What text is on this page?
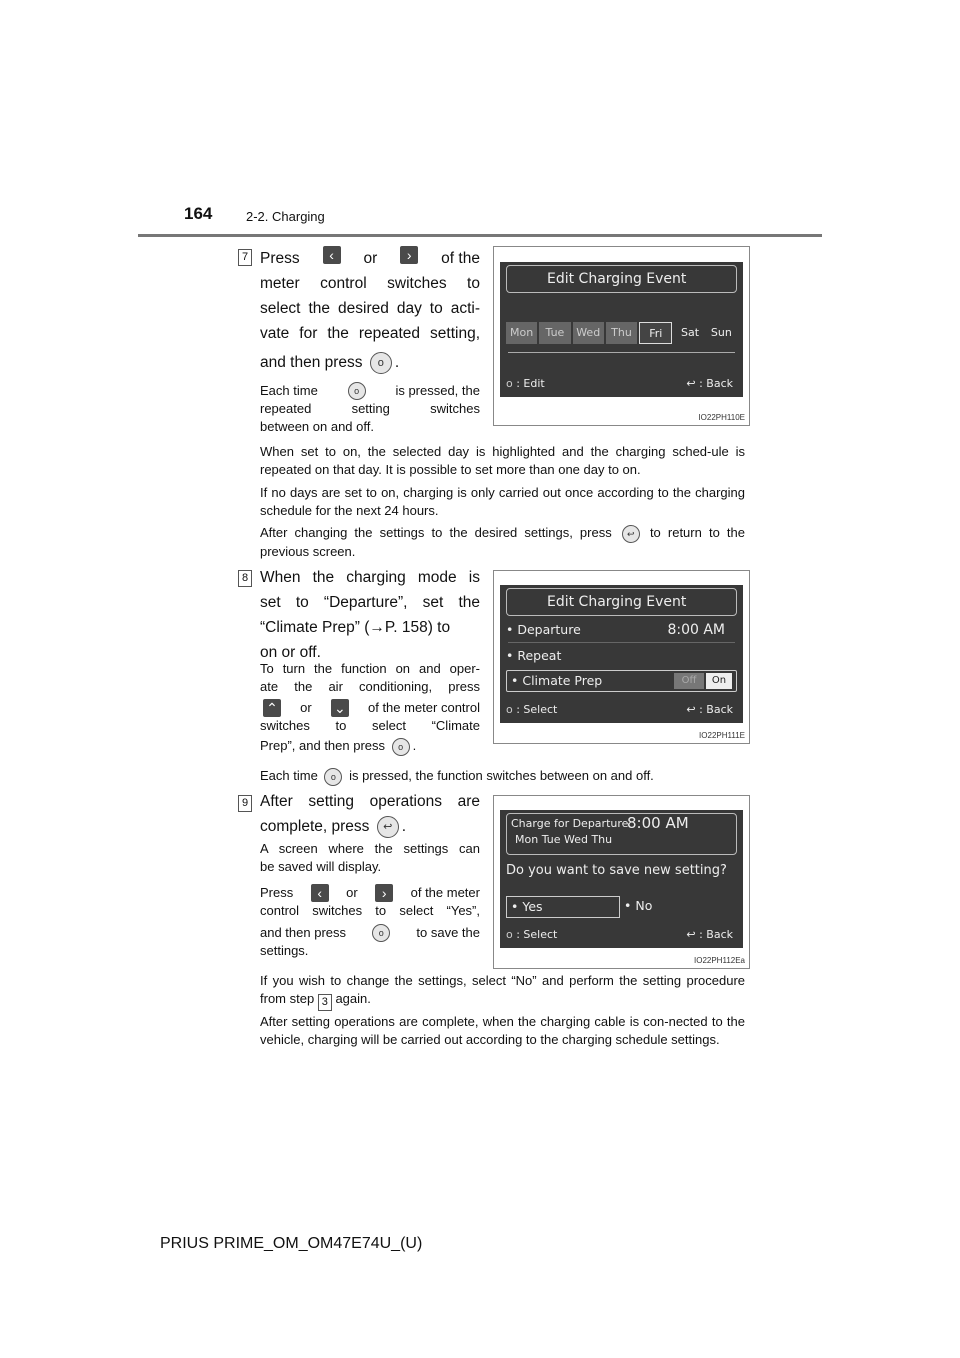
164	2-2. Charging
7 Press	‹	or	›	of the
meter control switches to
select the desired day to acti-
vate for the repeated setting,
and then press o .
Each time	o	is pressed, the
repeated setting switches
between on and off.
Edit Charging Event
Mon	Tue	Wed Thu	Fri	Sat	Sun
o : Edit	↩ : Back
IO22PH110E
When set to on, the selected day is highlighted and the charging sched-ule is repeated on that day. It is possible to set more than one day to on.
If no days are set to on, charging is only carried out once according to the charging schedule for the next 24 hours.
After changing the settings to the desired settings, press ↩ to return to the previous screen.
8 When the charging mode is
set to “Departure”, set the
“Climate Prep” (→P. 158) to
on or off.
To turn the function on and oper-
ate the air conditioning, press
⌃ or ⌄ of the meter control
switches to select “Climate
Prep”, and then press o .
Edit Charging Event
• Departure	8:00 AM
• Repeat
• Climate Prep	Off	On
o : Select	↩ : Back
IO22PH111E
Each time o is pressed, the function switches between on and off.
9 After setting operations are
complete, press ↩ .
A screen where the settings can
be saved will display.
Press	‹	or	›	of the meter
control switches to select “Yes”,
and then press	o	to save the
settings.
Charge for Departure
8:00 AM
Mon Tue Wed Thu
Do you want to save new setting?
• Yes	• No
o : Select	↩ : Back
IO22PH112Ea
If you wish to change the settings, select “No” and perform the setting procedure from step 3 again.
After setting operations are complete, when the charging cable is con-nected to the vehicle, charging will be carried out according to the charging schedule settings.
PRIUS PRIME_OM_OM47E74U_(U)
